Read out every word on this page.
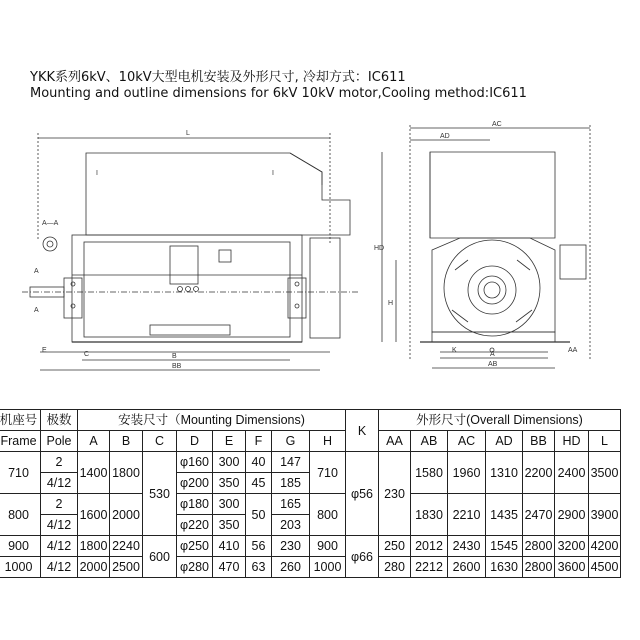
YKK系列6kV、10kV大型电机安装及外形尺寸, 冷却方式：IC611
Mounting and outline dimensions for 6kV 10kV motor,Cooling method:IC611
L
I	I
A—A
A
A
E
C	B
BB
AC
AD
HD
H
K	AA
A
AB
机座号	极数	安装尺寸（Mounting Dimensions)								K	外形尺寸(Overall Dimensions)						
Frame	Pole	A	B	C	D	E	F	G	H		AA	AB	AC	AD	BB	HD	L
710	2	1400	1800	530	φ160	300	40	147	710	φ56	230	1580	1960	1310	2200	2400	3500
	4/12				φ200	350	45	185									
800	2	1600	2000		φ180	300	50	165	800			1830	2210	1435	2470	2900	3900
	4/12				φ220	350		203									
900	4/12	1800	2240	600	φ250	410	56	230	900	φ66	250	2012	2430	1545	2800	3200	4200
1000	4/12	2000	2500		φ280	470	63	260	1000		280	2212	2600	1630	2800	3600	4500
